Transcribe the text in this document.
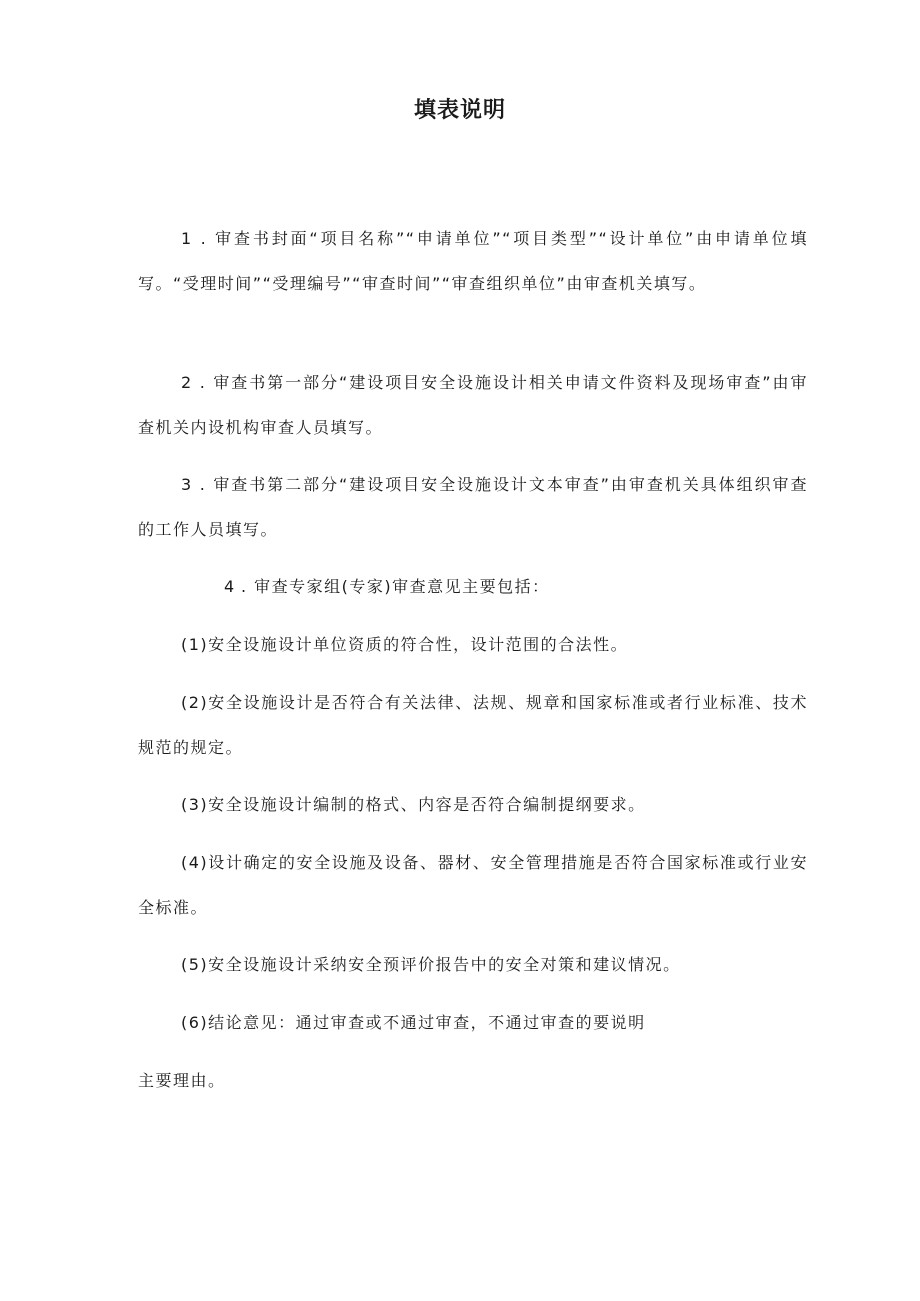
填表说明

1 . 审查书封面“项目名称”“申请单位”“项目类型”“设计单位”由申请单位填写。“受理时间”“受理编号”“审查时间”“审查组织单位”由审查机关填写。

2 . 审查书第一部分“建设项目安全设施设计相关申请文件资料及现场审查”由审查机关内设机构审查人员填写。

3 . 审查书第二部分“建设项目安全设施设计文本审查”由审查机关具体组织审查的工作人员填写。

4 . 审查专家组(专家)审查意见主要包括：

(1)安全设施设计单位资质的符合性，设计范围的合法性。

(2)安全设施设计是否符合有关法律、法规、规章和国家标准或者行业标准、技术规范的规定。

(3)安全设施设计编制的格式、内容是否符合编制提纲要求。

(4)设计确定的安全设施及设备、器材、安全管理措施是否符合国家标准或行业安全标准。

(5)安全设施设计采纳安全预评价报告中的安全对策和建议情况。

(6)结论意见：通过审查或不通过审查，不通过审查的要说明
主要理由。
